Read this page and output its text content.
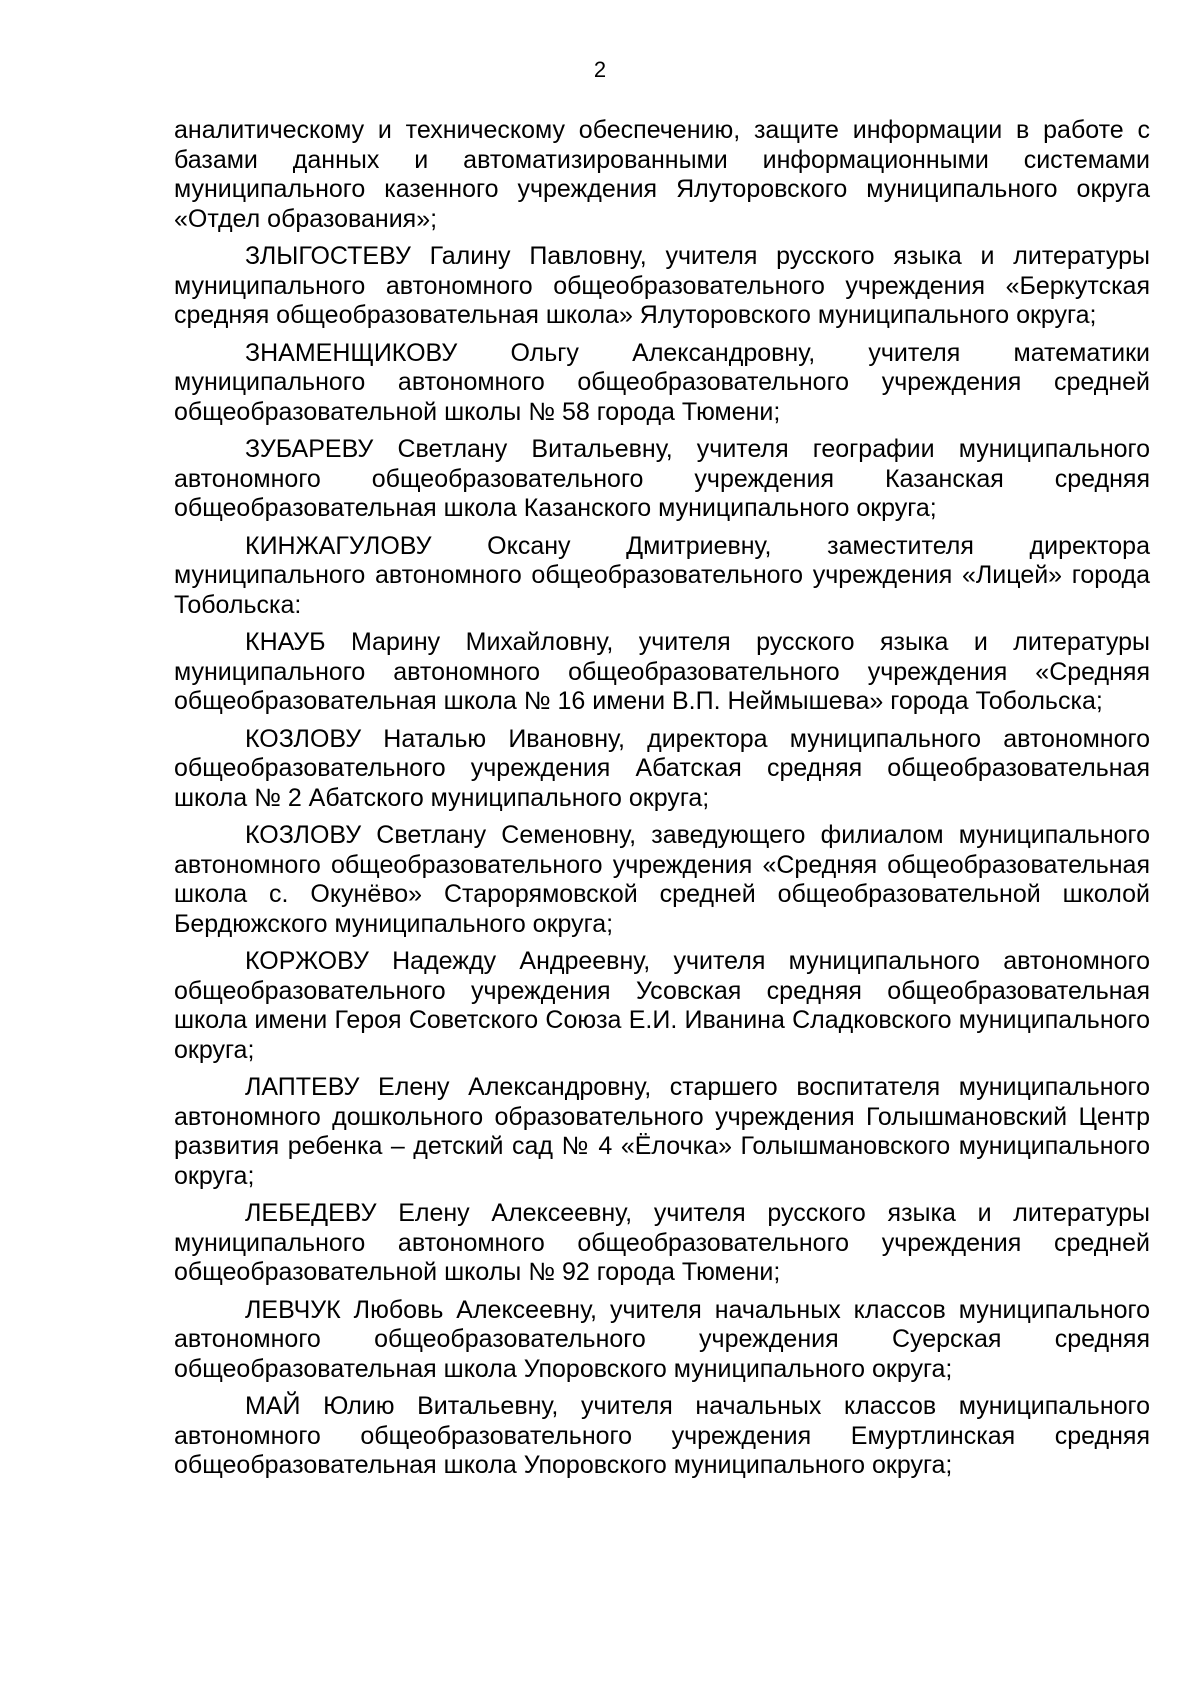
2

аналитическому и техническому обеспечению, защите информации в работе с базами данных и автоматизированными информационными системами муниципального казенного учреждения Ялуторовского муниципального округа «Отдел образования»;

ЗЛЫГОСТЕВУ Галину Павловну, учителя русского языка и литературы муниципального автономного общеобразовательного учреждения «Беркутская средняя общеобразовательная школа» Ялуторовского муниципального округа;

ЗНАМЕНЩИКОВУ Ольгу Александровну, учителя математики муниципального автономного общеобразовательного учреждения средней общеобразовательной школы № 58 города Тюмени;

ЗУБАРЕВУ Светлану Витальевну, учителя географии муниципального автономного общеобразовательного учреждения Казанская средняя общеобразовательная школа Казанского муниципального округа;

КИНЖАГУЛОВУ Оксану Дмитриевну, заместителя директора муниципального автономного общеобразовательного учреждения «Лицей» города Тобольска:

КНАУБ Марину Михайловну, учителя русского языка и литературы муниципального автономного общеобразовательного учреждения «Средняя общеобразовательная школа № 16 имени В.П. Неймышева» города Тобольска;

КОЗЛОВУ Наталью Ивановну, директора муниципального автономного общеобразовательного учреждения Абатская средняя общеобразовательная школа № 2 Абатского муниципального округа;

КОЗЛОВУ Светлану Семеновну, заведующего филиалом муниципального автономного общеобразовательного учреждения «Средняя общеобразовательная школа с. Окунёво» Старорямовской средней общеобразовательной школой Бердюжского муниципального округа;

КОРЖОВУ Надежду Андреевну, учителя муниципального автономного общеобразовательного учреждения Усовская средняя общеобразовательная школа имени Героя Советского Союза Е.И. Иванина Сладковского муниципального округа;

ЛАПТЕВУ Елену Александровну, старшего воспитателя муниципального автономного дошкольного образовательного учреждения Голышмановский Центр развития ребенка – детский сад № 4 «Ёлочка» Голышмановского муниципального округа;

ЛЕБЕДЕВУ Елену Алексеевну, учителя русского языка и литературы муниципального автономного общеобразовательного учреждения средней общеобразовательной школы № 92 города Тюмени;

ЛЕВЧУК Любовь Алексеевну, учителя начальных классов муниципального автономного общеобразовательного учреждения Суерская средняя общеобразовательная школа Упоровского муниципального округа;

МАЙ Юлию Витальевну, учителя начальных классов муниципального автономного общеобразовательного учреждения Емуртлинская средняя общеобразовательная школа Упоровского муниципального округа;
